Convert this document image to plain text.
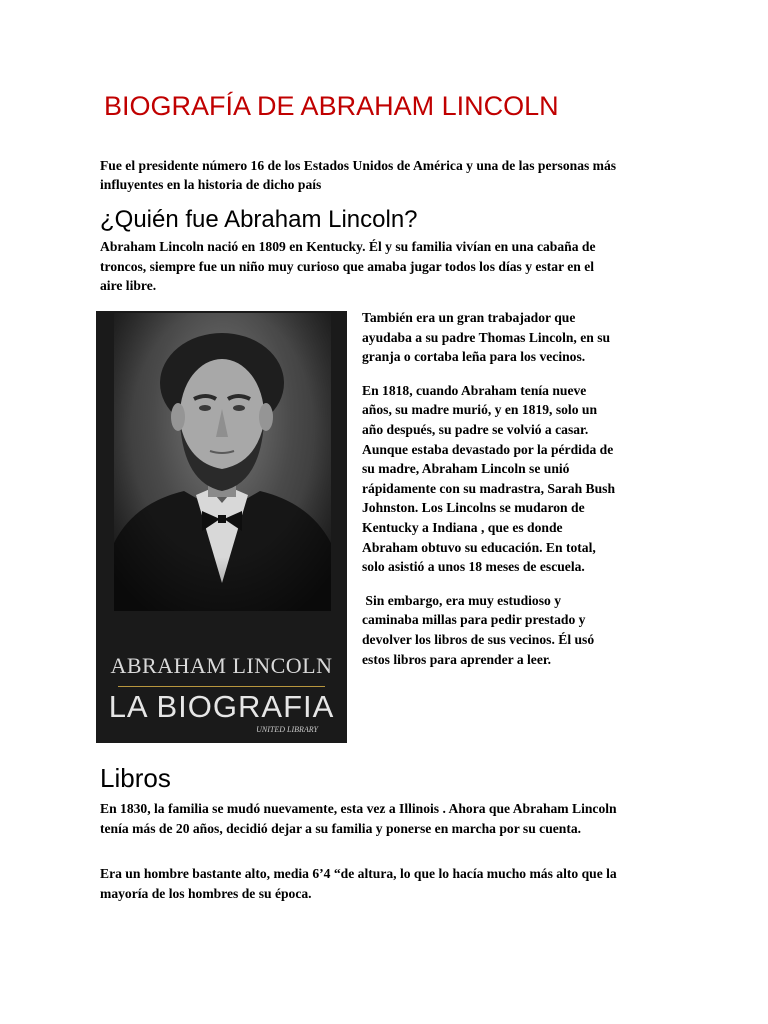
BIOGRAFÍA DE ABRAHAM LINCOLN
Fue el presidente número 16 de los Estados Unidos de América y una de las personas más influyentes en la historia de dicho país
¿Quién fue Abraham Lincoln?
Abraham Lincoln nació en 1809 en Kentucky. Él y su familia vivían en una cabaña de troncos, siempre fue un niño muy curioso que amaba jugar todos los días y estar en el aire libre.
ABRAHAM LINCOLN
LA BIOGRAFIA
UNITED LIBRARY

También era un gran trabajador que ayudaba a su padre Thomas Lincoln, en su granja o cortaba leña para los vecinos.

En 1818, cuando Abraham tenía nueve años, su madre murió, y en 1819, solo un año después, su padre se volvió a casar. Aunque estaba devastado por la pérdida de su madre, Abraham Lincoln se unió rápidamente con su madrastra, Sarah Bush Johnston. Los Lincolns se mudaron de Kentucky a Indiana , que es donde Abraham obtuvo su educación. En total, solo asistió a unos 18 meses de escuela.

Sin embargo, era muy estudioso y caminaba millas para pedir prestado y devolver los libros de sus vecinos. Él usó estos libros para aprender a leer.

Libros
En 1830, la familia se mudó nuevamente, esta vez a Illinois . Ahora que Abraham Lincoln tenía más de 20 años, decidió dejar a su familia y ponerse en marcha por su cuenta.
Era un hombre bastante alto, media 6’4 “de altura, lo que lo hacía mucho más alto que la mayoría de los hombres de su época.
